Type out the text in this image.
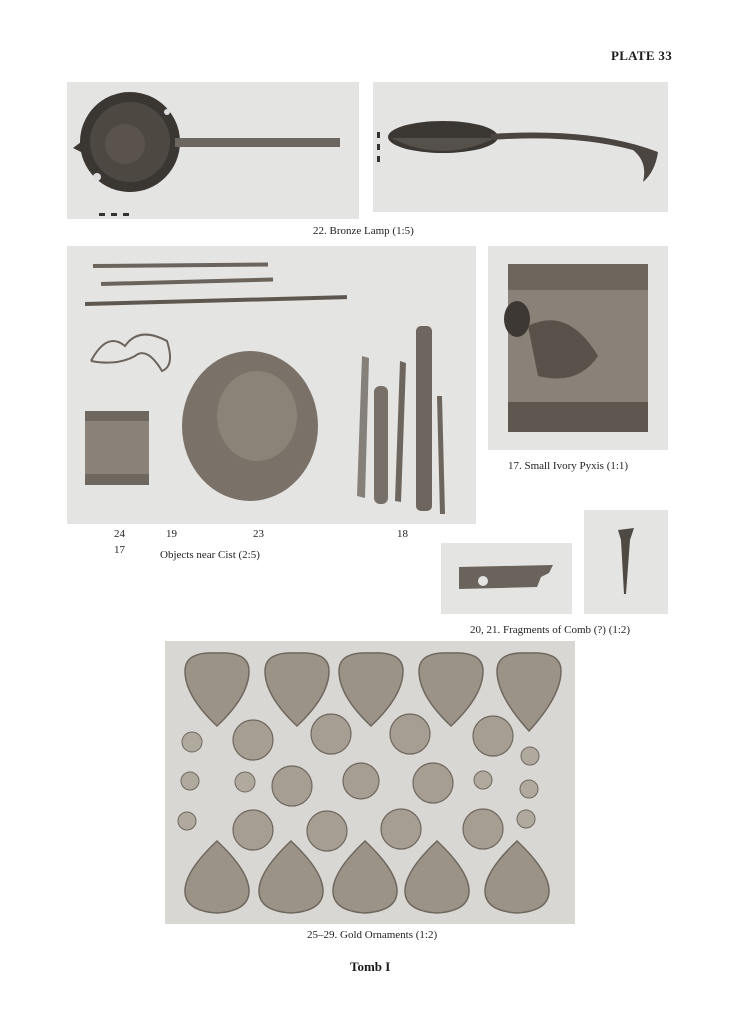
PLATE 33
22. Bronze Lamp (1:5)
17. Small Ivory Pyxis (1:1)
24
17
19	23	18
Objects near Cist (2:5)
20, 21. Fragments of Comb (?) (1:2)
25–29. Gold Ornaments (1:2)
Tomb I
